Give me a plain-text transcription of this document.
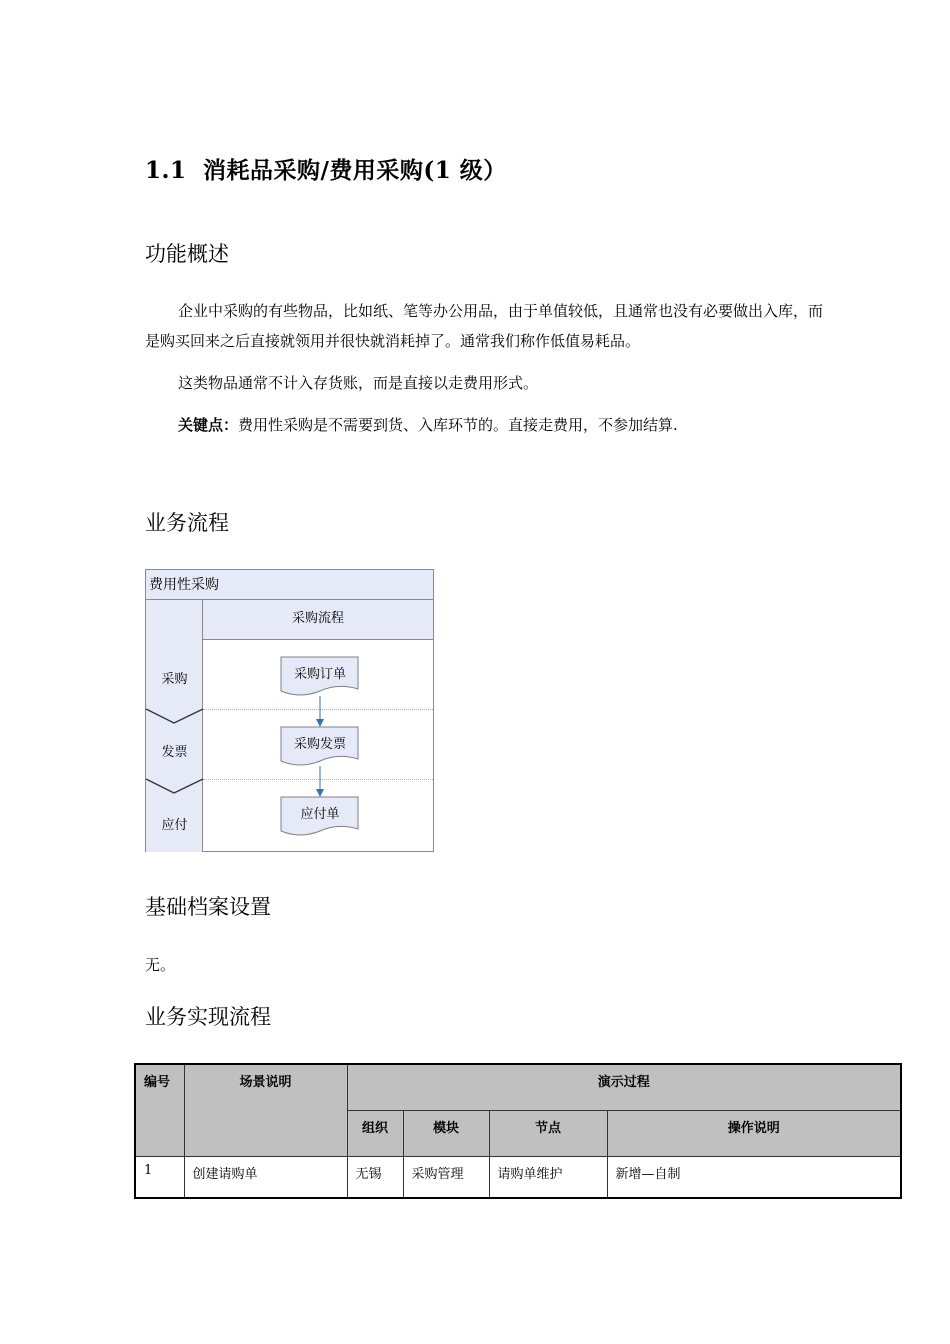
1.1 消耗品采购/费用采购(1 级）
功能概述
企业中采购的有些物品，比如纸、笔等办公用品，由于单值较低，且通常也没有必要做出入库，而是购买回来之后直接就领用并很快就消耗掉了。通常我们称作低值易耗品。
这类物品通常不计入存货账，而是直接以走费用形式。
关键点：费用性采购是不需要到货、入库环节的。直接走费用，不参加结算.
业务流程
费用性采购
采购流程
采购
发票
应付
采购订单
采购发票
应付单
基础档案设置
无。
业务实现流程
编号	场景说明	演示过程			
		组织	模块	节点	操作说明
1	创建请购单	无锡	采购管理	请购单维护	新增—自制
